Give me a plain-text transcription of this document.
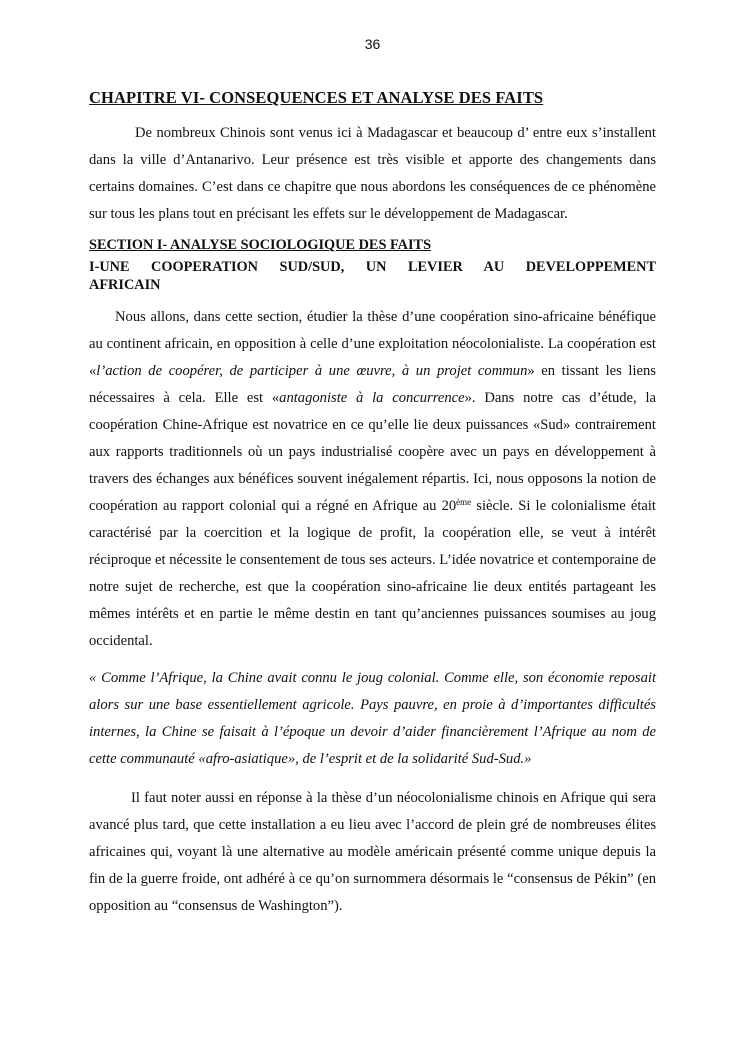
36
CHAPITRE VI- CONSEQUENCES ET ANALYSE DES FAITS

De nombreux Chinois sont venus ici à Madagascar et beaucoup d’ entre eux s’installent dans la ville d’Antanarivo. Leur présence est très visible et apporte des changements dans certains domaines. C’est dans ce chapitre que nous abordons les conséquences de ce phénomène sur tous les plans tout en précisant les effets sur le développement de Madagascar.

SECTION I- ANALYSE SOCIOLOGIQUE DES FAITS
I-UNE COOPERATION SUD/SUD, UN LEVIER AU DEVELOPPEMENT
AFRICAIN

Nous allons, dans cette section, étudier la thèse d’une coopération sino-africaine bénéfique au continent africain, en opposition à celle d’une exploitation néocolonialiste. La coopération est «l’action de coopérer, de participer à une œuvre, à un projet commun» en tissant les liens nécessaires à cela. Elle est «antagoniste à la concurrence». Dans notre cas d’étude, la coopération Chine-Afrique est novatrice en ce qu’elle lie deux puissances «Sud» contrairement aux rapports traditionnels où un pays industrialisé coopère avec un pays en développement à travers des échanges aux bénéfices souvent inégalement répartis. Ici, nous opposons la notion de coopération au rapport colonial qui a régné en Afrique au 20ème siècle. Si le colonialisme était caractérisé par la coercition et la logique de profit, la coopération elle, se veut à intérêt réciproque et nécessite le consentement de tous ses acteurs. L’idée novatrice et contemporaine de notre sujet de recherche, est que la coopération sino-africaine lie deux entités partageant les mêmes intérêts et en partie le même destin en tant qu’anciennes puissances soumises au joug occidental.

« Comme l’Afrique, la Chine avait connu le joug colonial. Comme elle, son économie reposait alors sur une base essentiellement agricole. Pays pauvre, en proie à d’importantes difficultés internes, la Chine se faisait à l’époque un devoir d’aider financièrement l’Afrique au nom de cette communauté «afro-asiatique», de l’esprit et de la solidarité Sud-Sud.»

Il faut noter aussi en réponse à la thèse d’un néocolonialisme chinois en Afrique qui sera avancé plus tard, que cette installation a eu lieu avec l’accord de plein gré de nombreuses élites africaines qui, voyant là une alternative au modèle américain présenté comme unique depuis la fin de la guerre froide, ont adhéré à ce qu’on surnommera désormais le “consensus de Pékin” (en opposition au “consensus de Washington”).
